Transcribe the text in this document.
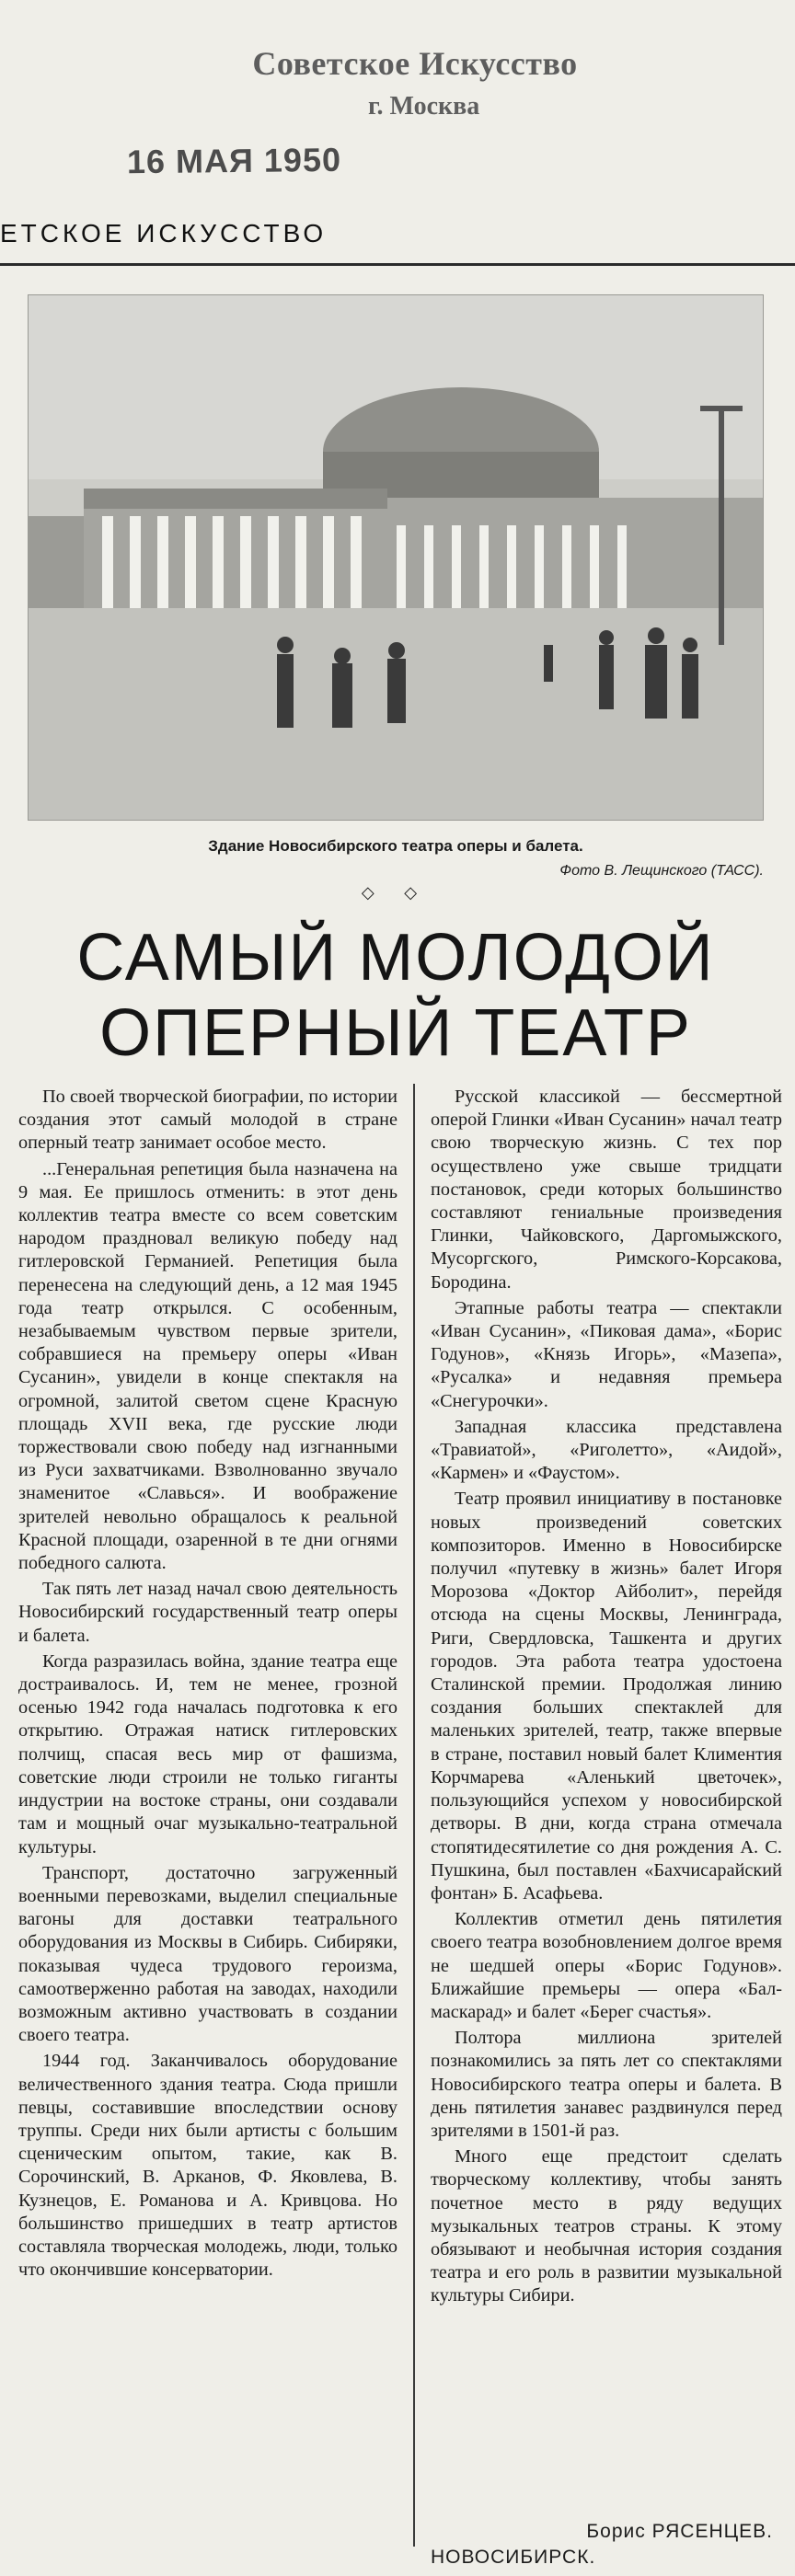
Советское Искусство
г. Москва
16 МАЯ 1950
ЕТСКОЕ ИСКУССТВО
Здание Новосибирского театра оперы и балета.
Фото В. Лещинского (ТАСС).
◇ ◇
САМЫЙ МОЛОДОЙ ОПЕРНЫЙ ТЕАТР

По своей творческой биографии, по истории создания этот самый молодой в стране оперный театр занимает особое место.

...Генеральная репетиция была назначена на 9 мая. Ее пришлось отменить: в этот день коллектив театра вместе со всем советским народом праздновал великую победу над гитлеровской Германией. Репетиция была перенесена на следующий день, а 12 мая 1945 года театр открылся. С особенным, незабываемым чувством первые зрители, собравшиеся на премьеру оперы «Иван Сусанин», увидели в конце спектакля на огромной, залитой светом сцене Красную площадь XVII века, где русские люди торжествовали свою победу над изгнанными из Руси захватчиками. Взволнованно звучало знаменитое «Славься». И воображение зрителей невольно обращалось к реальной Красной площади, озаренной в те дни огнями победного салюта.

Так пять лет назад начал свою деятельность Новосибирский государственный театр оперы и балета.

Когда разразилась война, здание театра еще достраивалось. И, тем не менее, грозной осенью 1942 года началась подготовка к его открытию. Отражая натиск гитлеровских полчищ, спасая весь мир от фашизма, советские люди строили не только гиганты индустрии на востоке страны, они создавали там и мощный очаг музыкально-театральной культуры.

Транспорт, достаточно загруженный военными перевозками, выделил специальные вагоны для доставки театрального оборудования из Москвы в Сибирь. Сибиряки, показывая чудеса трудового героизма, самоотверженно работая на заводах, находили возможным активно участвовать в создании своего театра.

1944 год. Заканчивалось оборудование величественного здания театра. Сюда пришли певцы, составившие впоследствии основу труппы. Среди них были артисты с большим сценическим опытом, такие, как В. Сорочинский, В. Арканов, Ф. Яковлева, В. Кузнецов, Е. Романова и А. Кривцова. Но большинство пришедших в театр артистов составляла творческая молодежь, люди, только что окончившие консерватории.

Русской классикой — бессмертной оперой Глинки «Иван Сусанин» начал театр свою творческую жизнь. С тех пор осуществлено уже свыше тридцати постановок, среди которых большинство составляют гениальные произведения Глинки, Чайковского, Даргомыжского, Мусоргского, Римского-Корсакова, Бородина.

Этапные работы театра — спектакли «Иван Сусанин», «Пиковая дама», «Борис Годунов», «Князь Игорь», «Мазепа», «Русалка» и недавняя премьера «Снегурочки».

Западная классика представлена «Травиатой», «Риголетто», «Аидой», «Кармен» и «Фаустом».

Театр проявил инициативу в постановке новых произведений советских композиторов. Именно в Новосибирске получил «путевку в жизнь» балет Игоря Морозова «Доктор Айболит», перейдя отсюда на сцены Москвы, Ленинграда, Риги, Свердловска, Ташкента и других городов. Эта работа театра удостоена Сталинской премии. Продолжая линию создания больших спектаклей для маленьких зрителей, театр, также впервые в стране, поставил новый балет Климентия Корчмарева «Аленький цветочек», пользующийся успехом у новосибирской детворы. В дни, когда страна отмечала стопятидесятилетие со дня рождения А. С. Пушкина, был поставлен «Бахчисарайский фонтан» Б. Асафьева.

Коллектив отметил день пятилетия своего театра возобновлением долгое время не шедшей оперы «Борис Годунов». Ближайшие премьеры — опера «Бал-маскарад» и балет «Берег счастья».

Полтора миллиона зрителей познакомились за пять лет со спектаклями Новосибирского театра оперы и балета. В день пятилетия занавес раздвинулся перед зрителями в 1501-й раз.

Много еще предстоит сделать творческому коллективу, чтобы занять почетное место в ряду ведущих музыкальных театров страны. К этому обязывают и необычная история создания театра и его роль в развитии музыкальной культуры Сибири.

Борис РЯСЕНЦЕВ.
НОВОСИБИРСК.
